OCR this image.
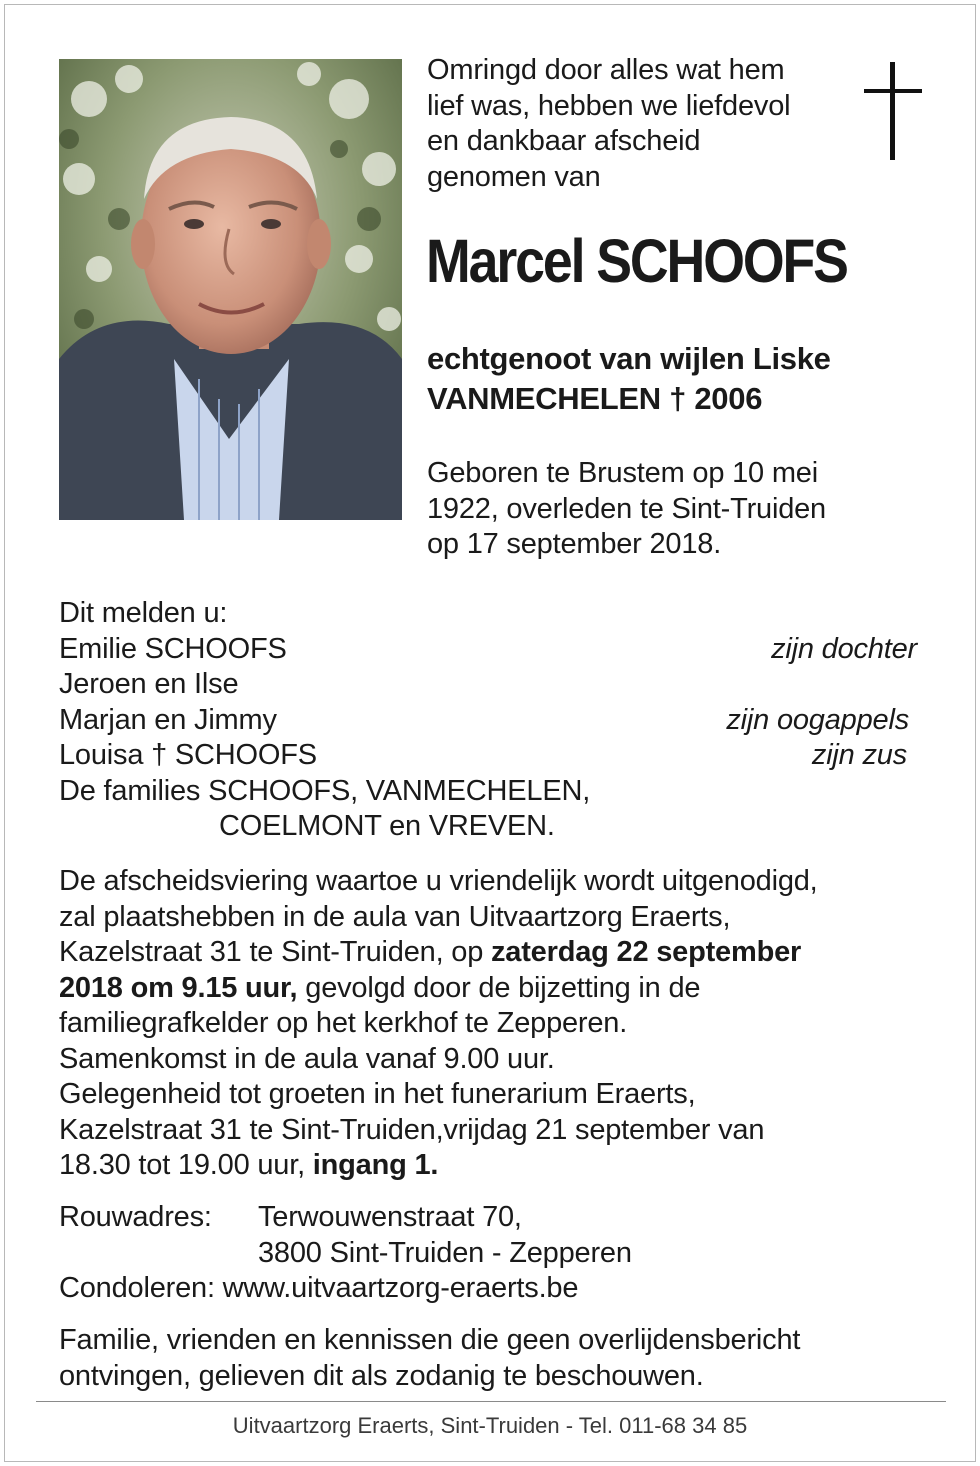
Omringd door alles wat hem
lief was, hebben we liefdevol
en dankbaar afscheid
genomen van
Marcel SCHOOFS
echtgenoot van wijlen Liske
VANMECHELEN † 2006
Geboren te Brustem op 10 mei
1922, overleden te Sint-Truiden
op 17 september 2018.
Dit melden u:
Emilie SCHOOFS	zijn dochter
Jeroen en Ilse
Marjan en Jimmy	zijn oogappels
Louisa † SCHOOFS	zijn zus
De families SCHOOFS, VANMECHELEN,
COELMONT en VREVEN.
De afscheidsviering waartoe u vriendelijk wordt uitgenodigd,
zal plaatshebben in de aula van Uitvaartzorg Eraerts,
Kazelstraat 31 te Sint-Truiden, op zaterdag 22 september
2018 om 9.15 uur, gevolgd door de bijzetting in de
familiegrafkelder op het kerkhof te Zepperen.
Samenkomst in de aula vanaf 9.00 uur.
Gelegenheid tot groeten in het funerarium Eraerts,
Kazelstraat 31 te Sint-Truiden,vrijdag 21 september van
18.30 tot 19.00 uur, ingang 1.
Rouwadres:	Terwouwenstraat 70,
3800 Sint-Truiden - Zepperen
Condoleren: www.uitvaartzorg-eraerts.be
Familie, vrienden en kennissen die geen overlijdensbericht
ontvingen, gelieven dit als zodanig te beschouwen.
Uitvaartzorg Eraerts, Sint-Truiden - Tel. 011-68 34 85
